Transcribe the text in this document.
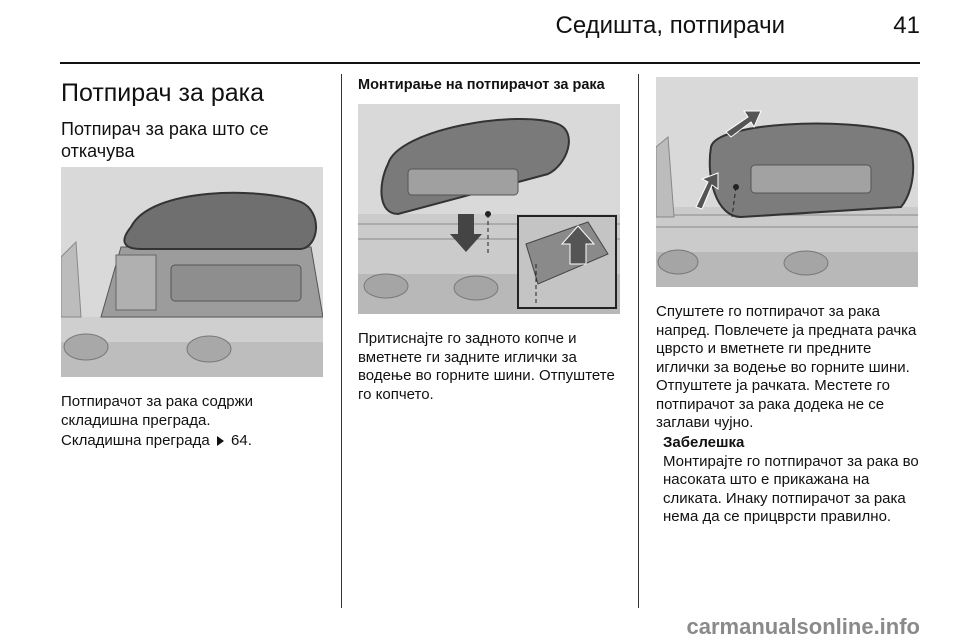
Седишта, потпирачи	41
Потпирач за рака
Потпирач за рака што се откачува
Потпирачот за рака содржи складишна преграда.
Складишна преграда 64.
Монтирање на потпирачот за рака
Притиснајте го задното копче и вметнете ги задните иглички за водење во горните шини. Отпуштете го копчето.
Спуштете го потпирачот за рака напред. Повлечете ја предната рачка цврсто и вметнете ги предните иглички за водење во горните шини. Отпуштете ја рачката. Местете го потпирачот за рака додека не се заглави чујно.
Забелешка
Монтирајте го потпирачот за рака во насоката што е прикажана на сликата. Инаку потпирачот за рака нема да се прицврсти правилно.
carmanualsonline.info
